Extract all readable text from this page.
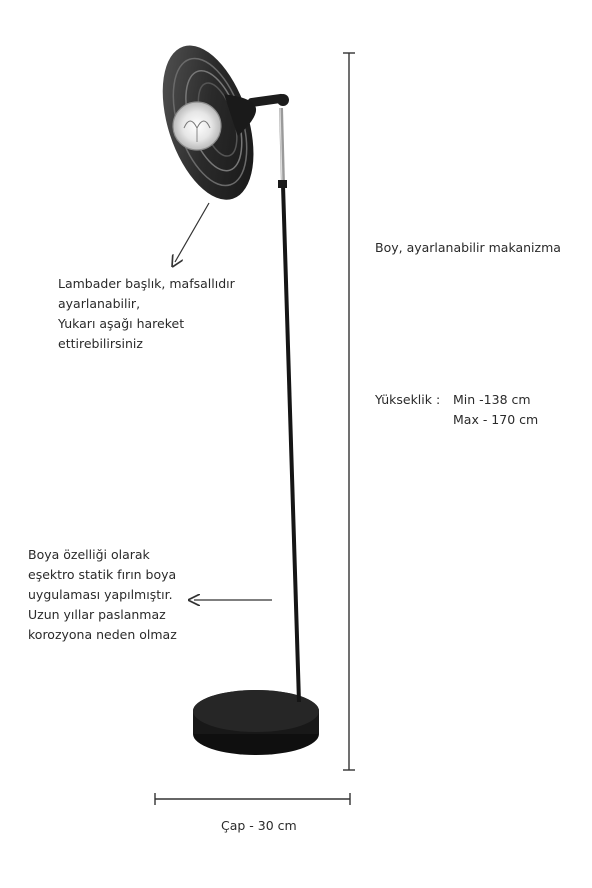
Lambader başlık, mafsallıdır
ayarlanabilir,
Yukarı aşağı hareket
ettirebilirsiniz
Boya özelliği olarak
eşektro statik fırın boya
uygulaması yapılmıştır.
Uzun yıllar paslanmaz
korozyona neden olmaz
Boy, ayarlanabilir makanizma
Yükseklik : Min -138 cm
Max - 170 cm
Çap - 30 cm
